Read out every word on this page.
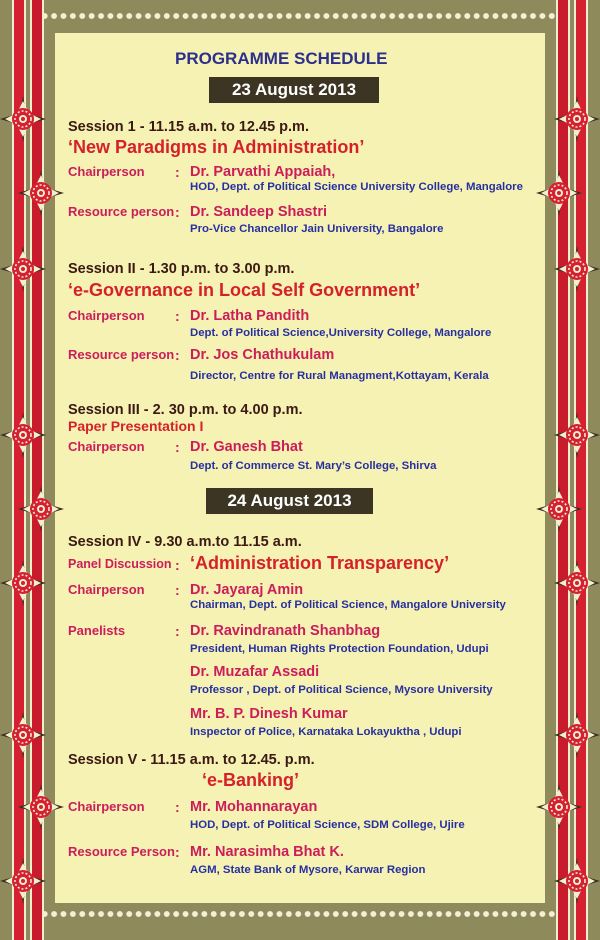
PROGRAMME SCHEDULE
23 August 2013
Session 1 - 11.15 a.m. to 12.45 p.m.
‘New Paradigms in Administration’
Chairperson : Dr. Parvathi Appaiah,
HOD, Dept. of Political Science University College, Mangalore
Resource person : Dr. Sandeep Shastri
Pro-Vice Chancellor Jain University, Bangalore
Session II - 1.30 p.m. to 3.00 p.m.
‘e-Governance in Local Self Government’
Chairperson : Dr. Latha Pandith
Dept. of Political Science,University College, Mangalore
Resource person : Dr. Jos Chathukulam
Director, Centre for Rural Managment,Kottayam, Kerala
Session III - 2. 30 p.m. to 4.00 p.m.
Paper Presentation I
Chairperson : Dr. Ganesh Bhat
Dept. of Commerce St. Mary’s College, Shirva
24 August 2013
Session IV - 9.30 a.m.to 11.15 a.m.
Panel Discussion : ‘Administration Transparency’
Chairperson : Dr. Jayaraj Amin
Chairman, Dept. of Political Science, Mangalore University
Panelists	: Dr. Ravindranath Shanbhag
President, Human Rights Protection Foundation, Udupi
Dr. Muzafar Assadi
Professor , Dept. of Political Science, Mysore University
Mr. B. P. Dinesh Kumar
Inspector of Police, Karnataka Lokayuktha , Udupi
Session V - 11.15 a.m. to 12.45. p.m.
‘e-Banking’
Chairperson : Mr. Mohannarayan
HOD, Dept. of Political Science, SDM College, Ujire
Resource Person : Mr. Narasimha Bhat K.
AGM, State Bank of Mysore, Karwar Region
